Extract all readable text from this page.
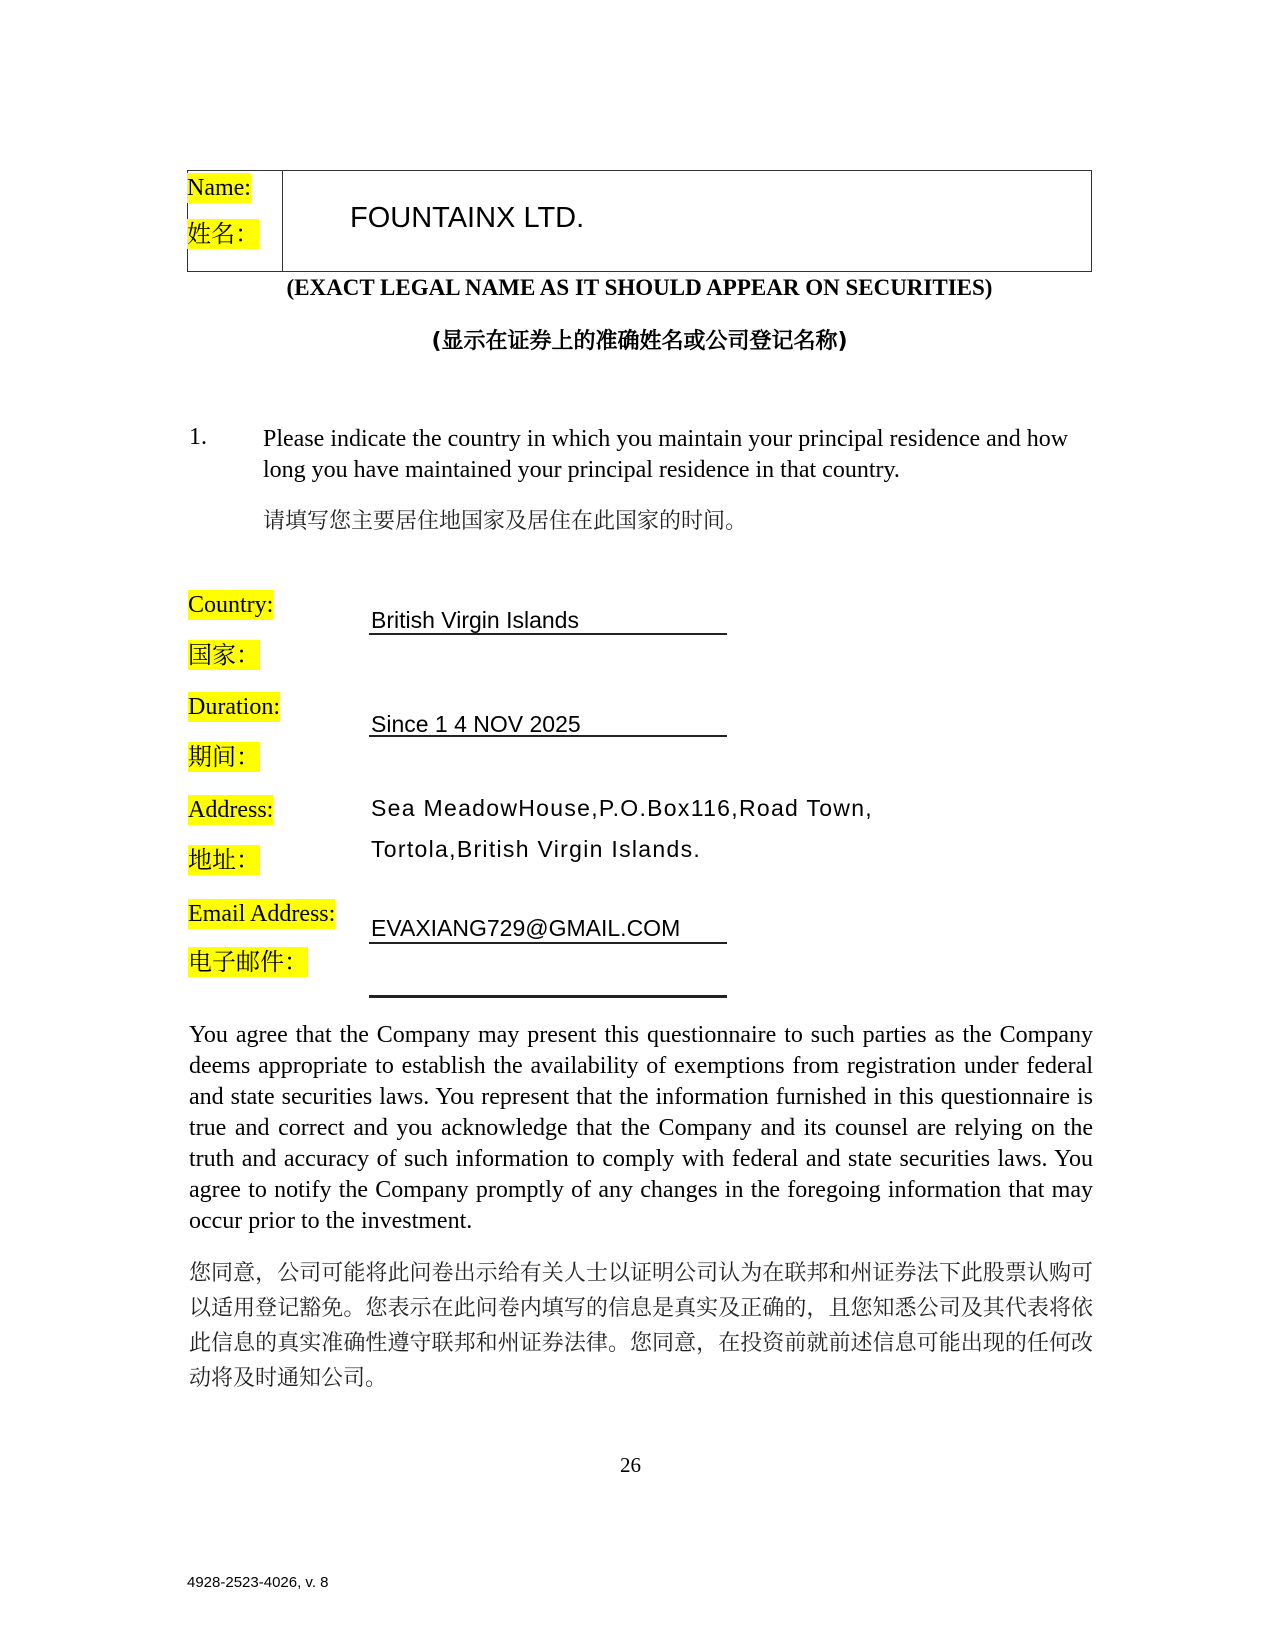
Name:
姓名：	FOUNTAINX LTD.
(EXACT LEGAL NAME AS IT SHOULD APPEAR ON SECURITIES)
(显示在证券上的准确姓名或公司登记名称)
1. Please indicate the country in which you maintain your principal residence and how long you have maintained your principal residence in that country.
请填写您主要居住地国家及居住在此国家的时间。
Country:
国家：
British Virgin Islands
Duration:
期间：
Since 1 4 NOV 2025
Address:
地址：
Sea MeadowHouse,P.O.Box116,Road Town,
Tortola,British Virgin Islands.
Email Address:
电子邮件：
EVAXIANG729@GMAIL.COM
You agree that the Company may present this questionnaire to such parties as the Company deems appropriate to establish the availability of exemptions from registration under federal and state securities laws. You represent that the information furnished in this questionnaire is true and correct and you acknowledge that the Company and its counsel are relying on the truth and accuracy of such information to comply with federal and state securities laws. You agree to notify the Company promptly of any changes in the foregoing information that may occur prior to the investment.
您同意，公司可能将此问卷出示给有关人士以证明公司认为在联邦和州证券法下此股票认购可以适用登记豁免。您表示在此问卷内填写的信息是真实及正确的，且您知悉公司及其代表将依此信息的真实准确性遵守联邦和州证券法律。您同意，在投资前就前述信息可能出现的任何改动将及时通知公司。
26
4928-2523-4026, v. 8
